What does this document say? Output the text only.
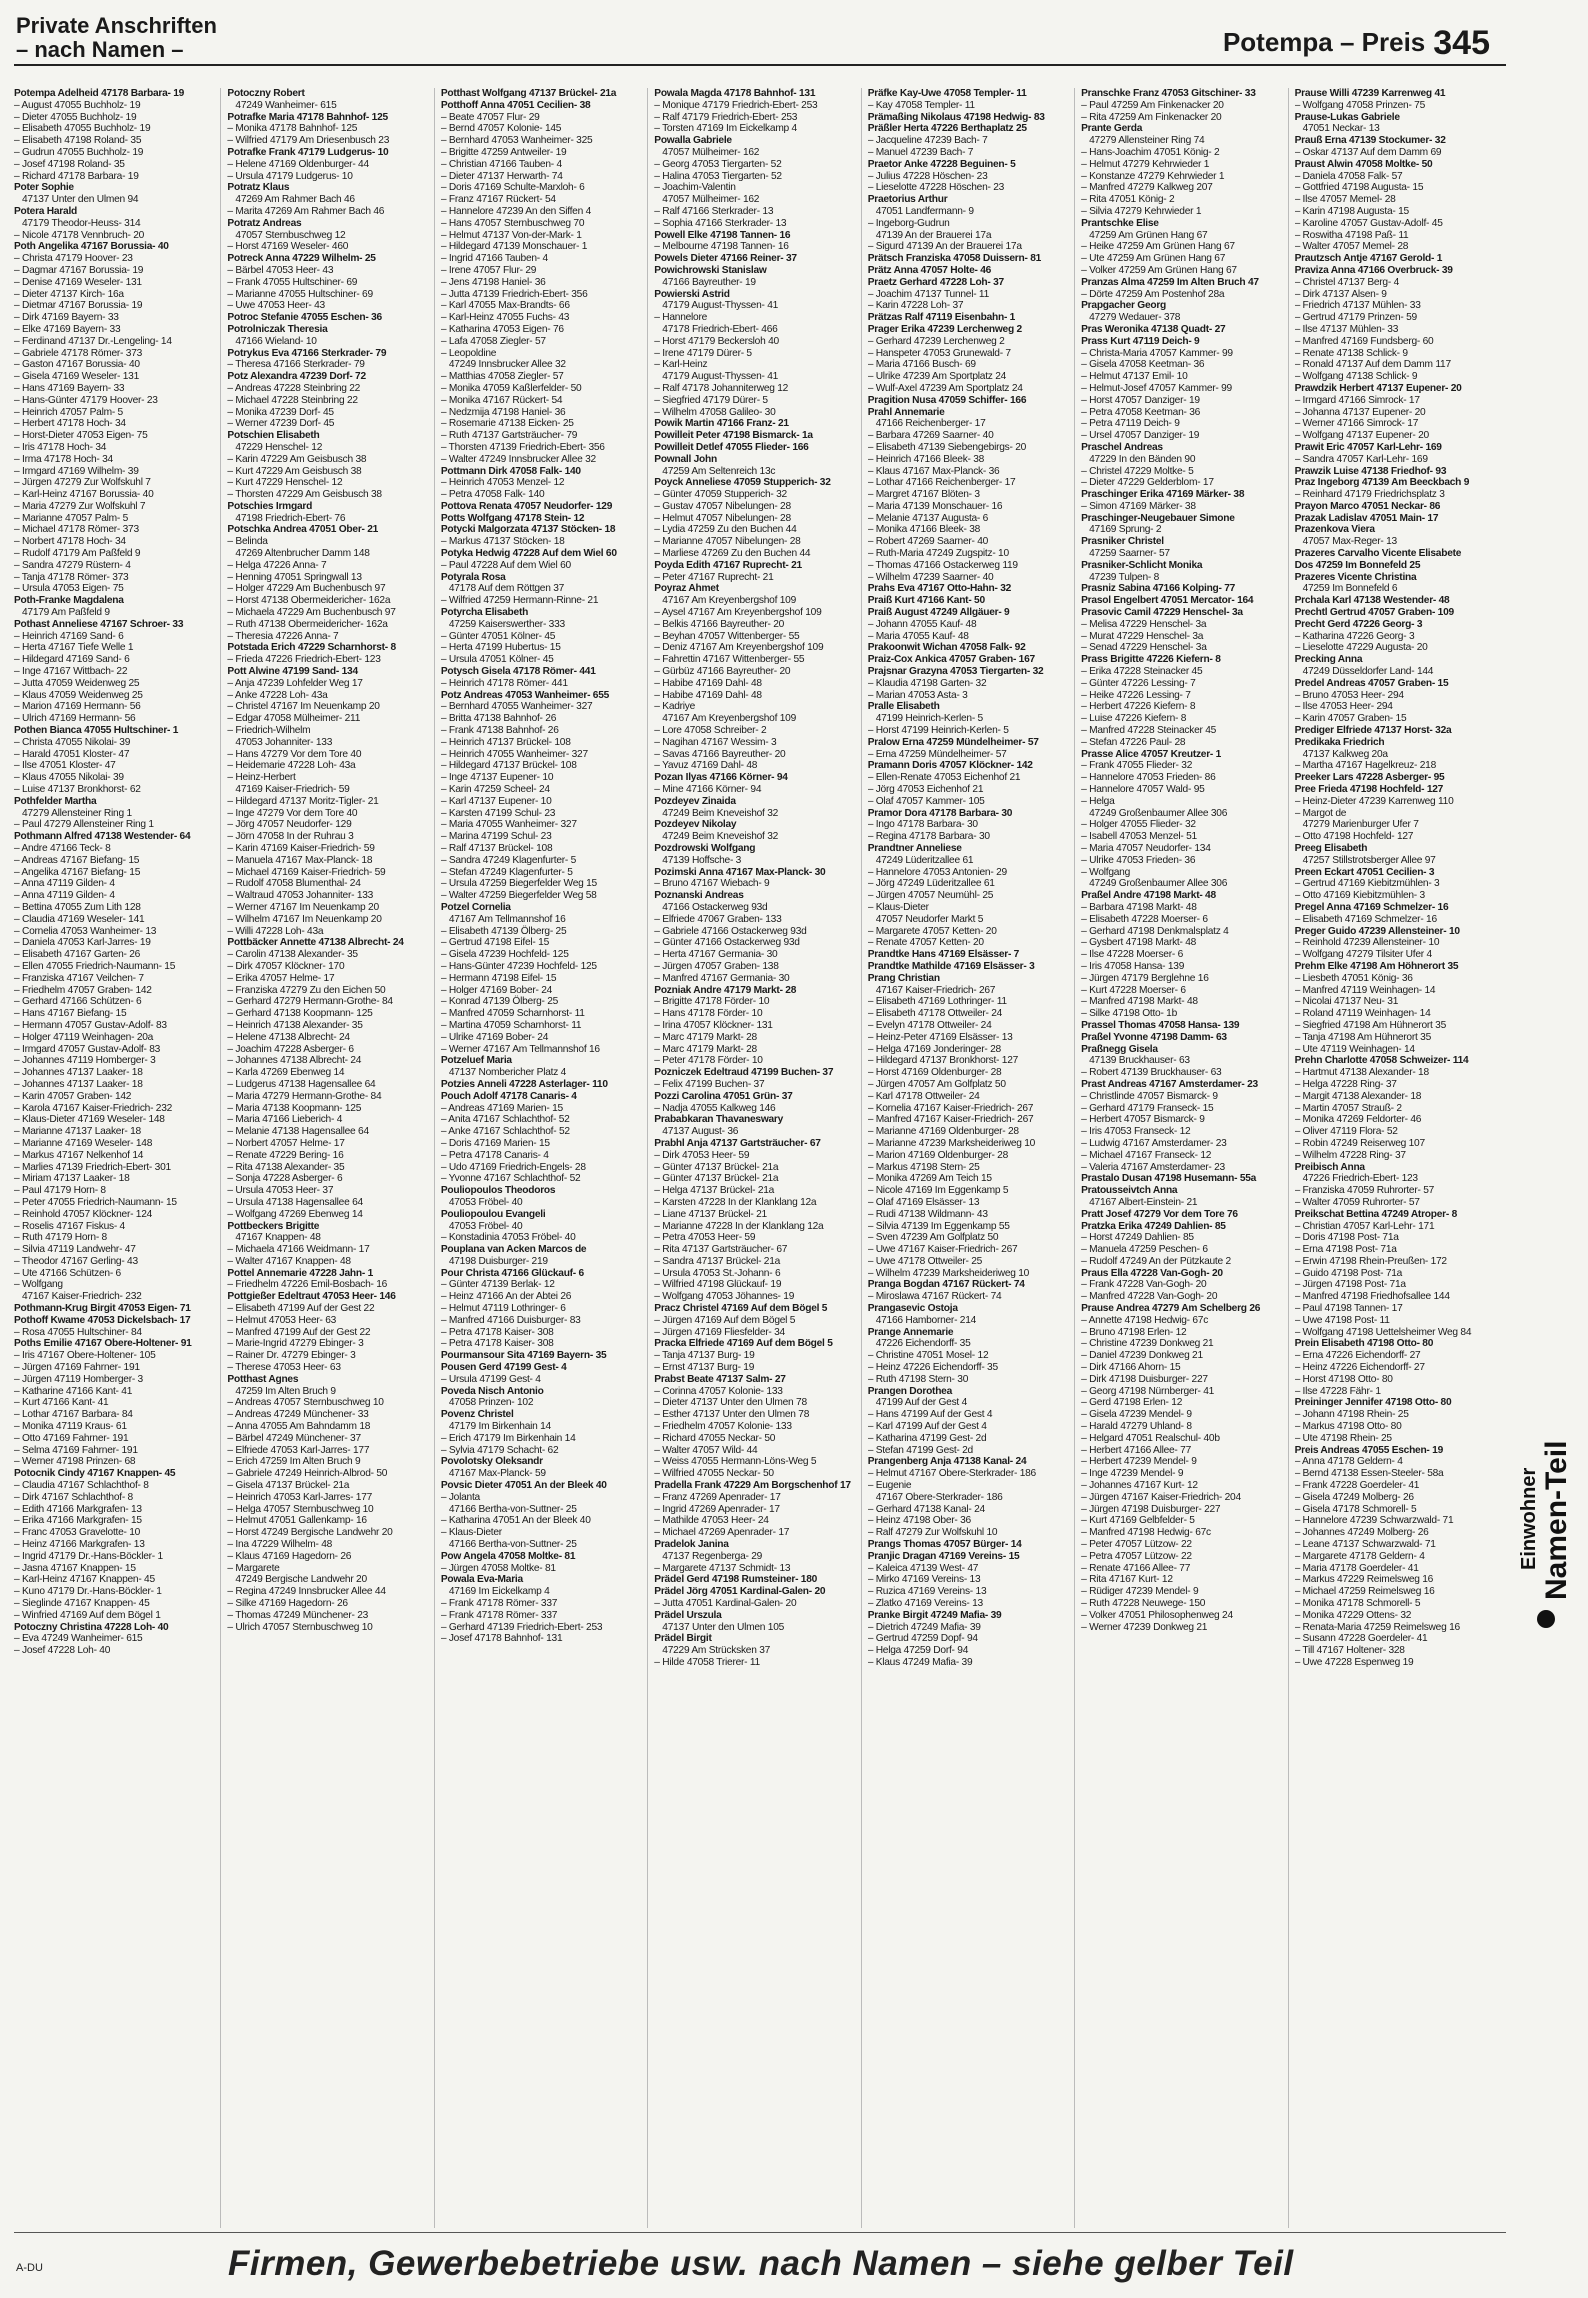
Private Anschriften
– nach Namen –	Potempa – Preis 345
Potempa Adelheid 47178 Barbara- 19
– August 47055 Buchholz- 19
– Dieter 47055 Buchholz- 19
– Elisabeth 47055 Buchholz- 19
– Elisabeth 47198 Roland- 35
– Gudrun 47055 Buchholz- 19
– Josef 47198 Roland- 35
– Richard 47178 Barbara- 19
Poter Sophie
47137 Unter den Ulmen 94
Potera Harald
47179 Theodor-Heuss- 314
– Nicole 47178 Vennbruch- 20
Poth Angelika 47167 Borussia- 40
– Christa 47179 Hoover- 23
– Dagmar 47167 Borussia- 19
– Denise 47169 Weseler- 131
– Dieter 47137 Kirch- 16a
– Dietmar 47167 Borussia- 19
– Dirk 47169 Bayern- 33
– Elke 47169 Bayern- 33
– Ferdinand 47137 Dr.-Lengeling- 14
– Gabriele 47178 Römer- 373
– Gaston 47167 Borussia- 40
– Gisela 47169 Weseler- 131
– Hans 47169 Bayern- 33
– Hans-Günter 47179 Hoover- 23
– Heinrich 47057 Palm- 5
– Herbert 47178 Hoch- 34
– Horst-Dieter 47053 Eigen- 75
– Iris 47178 Hoch- 34
– Irma 47178 Hoch- 34
– Irmgard 47169 Wilhelm- 39
– Jürgen 47279 Zur Wolfskuhl 7
– Karl-Heinz 47167 Borussia- 40
– Maria 47279 Zur Wolfskuhl 7
– Marianne 47057 Palm- 5
– Michael 47178 Römer- 373
– Norbert 47178 Hoch- 34
– Rudolf 47179 Am Paßfeld 9
– Sandra 47279 Rüstern- 4
– Tanja 47178 Römer- 373
– Ursula 47053 Eigen- 75
Poth-Franke Magdalena
47179 Am Paßfeld 9
Pothast Anneliese 47167 Schroer- 33
– Heinrich 47169 Sand- 6
– Herta 47167 Tiefe Welle 1
– Hildegard 47169 Sand- 6
– Inge 47167 Wittbach- 22
– Jutta 47059 Weidenweg 25
– Klaus 47059 Weidenweg 25
– Marion 47169 Hermann- 56
– Ulrich 47169 Hermann- 56
Pothen Bianca 47055 Hultschiner- 1
– Christa 47055 Nikolai- 39
– Harald 47051 Kloster- 47
– Ilse 47051 Kloster- 47
– Klaus 47055 Nikolai- 39
– Luise 47137 Bronkhorst- 62
Pothfelder Martha
47279 Allensteiner Ring 1
– Paul 47279 Allensteiner Ring 1
Pothmann Alfred 47138 Westender- 64
– Andre 47166 Teck- 8
– Andreas 47167 Biefang- 15
– Angelika 47167 Biefang- 15
– Anna 47119 Gilden- 4
– Anna 47119 Gilden- 4
– Bettina 47055 Zum Lith 128
– Claudia 47169 Weseler- 141
– Cornelia 47053 Wanheimer- 13
– Daniela 47053 Karl-Jarres- 19
– Elisabeth 47167 Garten- 26
– Ellen 47055 Friedrich-Naumann- 15
– Franziska 47167 Veilchen- 7
– Friedhelm 47057 Graben- 142
– Gerhard 47166 Schützen- 6
– Hans 47167 Biefang- 15
– Hermann 47057 Gustav-Adolf- 83
– Holger 47119 Weinhagen- 20a
– Irmgard 47057 Gustav-Adolf- 83
– Johannes 47119 Homberger- 3
– Johannes 47137 Laaker- 18
– Johannes 47137 Laaker- 18
– Karin 47057 Graben- 142
– Karola 47167 Kaiser-Friedrich- 232
– Klaus-Dieter 47169 Weseler- 148
– Marianne 47137 Laaker- 18
– Marianne 47169 Weseler- 148
– Markus 47167 Nelkenhof 14
– Marlies 47139 Friedrich-Ebert- 301
– Miriam 47137 Laaker- 18
– Paul 47179 Horn- 8
– Peter 47055 Friedrich-Naumann- 15
– Reinhold 47057 Klöckner- 124
– Roselis 47167 Fiskus- 4
– Ruth 47179 Horn- 8
– Silvia 47119 Landwehr- 47
– Theodor 47167 Gerling- 43
– Ute 47166 Schützen- 6
– Wolfgang
47167 Kaiser-Friedrich- 232
Pothmann-Krug Birgit 47053 Eigen- 71
Pothoff Kwame 47053 Dickelsbach- 17
– Rosa 47055 Hultschiner- 84
Poths Emilie 47167 Obere-Holtener- 91
– Iris 47167 Obere-Holtener- 105
– Jürgen 47169 Fahrner- 191
– Jürgen 47119 Homberger- 3
– Katharine 47166 Kant- 41
– Kurt 47166 Kant- 41
– Lothar 47167 Barbara- 84
– Monika 47119 Kraus- 61
– Otto 47169 Fahrner- 191
– Selma 47169 Fahrner- 191
– Werner 47198 Prinzen- 68
Potocnik Cindy 47167 Knappen- 45
– Claudia 47167 Schlachthof- 8
– Dirk 47167 Schlachthof- 8
– Edith 47166 Markgrafen- 13
– Erika 47166 Markgrafen- 15
– Franc 47053 Gravelotte- 10
– Heinz 47166 Markgrafen- 13
– Ingrid 47179 Dr.-Hans-Böckler- 1
– Jasna 47167 Knappen- 15
– Karl-Heinz 47167 Knappen- 45
– Kuno 47179 Dr.-Hans-Böckler- 1
– Sieglinde 47167 Knappen- 45
– Winfried 47169 Auf dem Bögel 1
Potoczny Christina 47228 Loh- 40
– Eva 47249 Wanheimer- 615
– Josef 47228 Loh- 40
Potoczny Robert
47249 Wanheimer- 615
Potrafke Maria 47178 Bahnhof- 125
– Monika 47178 Bahnhof- 125
– Wilfried 47179 Am Driesenbusch 23
Potrafke Frank 47179 Ludgerus- 10
– Helene 47169 Oldenburger- 44
– Ursula 47179 Ludgerus- 10
Potratz Klaus
47269 Am Rahmer Bach 46
– Marita 47269 Am Rahmer Bach 46
Potratz Andreas
47057 Sternbuschweg 12
– Horst 47169 Weseler- 460
Potreck Anna 47229 Wilhelm- 25
– Bärbel 47053 Heer- 43
– Frank 47055 Hultschiner- 69
– Marianne 47055 Hultschiner- 69
– Uwe 47053 Heer- 43
Potroc Stefanie 47055 Eschen- 36
Potrolniczak Theresia
47166 Wieland- 10
Potrykus Eva 47166 Sterkrader- 79
– Theresa 47166 Sterkrader- 79
Potz Alexandra 47239 Dorf- 72
– Andreas 47228 Steinbring 22
– Michael 47228 Steinbring 22
– Monika 47239 Dorf- 45
– Werner 47239 Dorf- 45
Potschien Elisabeth
47229 Henschel- 12
– Karin 47229 Am Geisbusch 38
– Kurt 47229 Am Geisbusch 38
– Kurt 47229 Henschel- 12
– Thorsten 47229 Am Geisbusch 38
Potschies Irmgard
47198 Friedrich-Ebert- 76
Potschka Andrea 47051 Ober- 21
– Belinda
47269 Altenbrucher Damm 148
– Helga 47226 Anna- 7
– Henning 47051 Springwall 13
– Holger 47229 Am Buchenbusch 97
– Horst 47138 Obermeidericher- 162a
– Michaela 47229 Am Buchenbusch 97
– Ruth 47138 Obermeidericher- 162a
– Theresia 47226 Anna- 7
Potstada Erich 47229 Scharnhorst- 8
– Frieda 47226 Friedrich-Ebert- 123
Pott Alwine 47199 Sand- 134
– Anja 47239 Lohfelder Weg 17
– Anke 47228 Loh- 43a
– Christel 47167 Im Neuenkamp 20
– Edgar 47058 Mülheimer- 211
– Friedrich-Wilhelm
47053 Johanniter- 133
– Hans 47279 Vor dem Tore 40
– Heidemarie 47228 Loh- 43a
– Heinz-Herbert
47169 Kaiser-Friedrich- 59
– Hildegard 47137 Moritz-Tigler- 21
– Inge 47279 Vor dem Tore 40
– Jörg 47057 Neudorfer- 129
– Jörn 47058 In der Ruhrau 3
– Karin 47169 Kaiser-Friedrich- 59
– Manuela 47167 Max-Planck- 18
– Michael 47169 Kaiser-Friedrich- 59
– Rudolf 47058 Blumenthal- 24
– Waltraud 47053 Johanniter- 133
– Werner 47167 Im Neuenkamp 20
– Wilhelm 47167 Im Neuenkamp 20
– Willi 47228 Loh- 43a
Pottbäcker Annette 47138 Albrecht- 24
– Carolin 47138 Alexander- 35
– Dirk 47057 Klöckner- 170
– Erika 47057 Helme- 17
– Franziska 47279 Zu den Eichen 50
– Gerhard 47279 Hermann-Grothe- 84
– Gerhard 47138 Koopmann- 125
– Heinrich 47138 Alexander- 35
– Helene 47138 Albrecht- 24
– Joachim 47228 Asberger- 6
– Johannes 47138 Albrecht- 24
– Karla 47269 Ebenweg 14
– Ludgerus 47138 Hagensallee 64
– Maria 47279 Hermann-Grothe- 84
– Maria 47138 Koopmann- 125
– Maria 47166 Lieberich- 4
– Melanie 47138 Hagensallee 64
– Norbert 47057 Helme- 17
– Renate 47229 Bering- 16
– Rita 47138 Alexander- 35
– Sonja 47228 Asberger- 6
– Ursula 47053 Heer- 37
– Ursula 47138 Hagensallee 64
– Wolfgang 47269 Ebenweg 14
Pottbeckers Brigitte
47167 Knappen- 48
– Michaela 47166 Weidmann- 17
– Walter 47167 Knappen- 48
Pottel Annemarie 47228 Jahn- 1
– Friedhelm 47226 Emil-Bosbach- 16
Pottgießer Edeltraut 47053 Heer- 146
– Elisabeth 47199 Auf der Gest 22
– Helmut 47053 Heer- 63
– Manfred 47199 Auf der Gest 22
– Marie-Ingrid 47279 Ebinger- 3
– Rainer Dr. 47279 Ebinger- 3
– Therese 47053 Heer- 63
Potthast Agnes
47259 Im Alten Bruch 9
– Andreas 47057 Sternbuschweg 10
– Andreas 47249 Münchener- 33
– Anna 47055 Am Bahndamm 18
– Bärbel 47249 Münchener- 37
– Elfriede 47053 Karl-Jarres- 177
– Erich 47259 Im Alten Bruch 9
– Gabriele 47249 Heinrich-Albrod- 50
– Gisela 47137 Brückel- 21a
– Heinrich 47053 Karl-Jarres- 177
– Helga 47057 Sternbuschweg 10
– Helmut 47051 Gallenkamp- 16
– Horst 47249 Bergische Landwehr 20
– Ina 47229 Wilhelm- 48
– Klaus 47169 Hagedorn- 26
– Margarete
47249 Bergische Landwehr 20
– Regina 47249 Innsbrucker Allee 44
– Silke 47169 Hagedorn- 26
– Thomas 47249 Münchener- 23
– Ulrich 47057 Sternbuschweg 10
Potthast Wolfgang 47137 Brückel- 21a
Potthoff Anna 47051 Cecilien- 38
– Beate 47057 Flur- 29
– Bernd 47057 Kolonie- 145
– Bernhard 47053 Wanheimer- 325
– Brigitte 47259 Antweiler- 19
– Christian 47166 Tauben- 4
– Dieter 47137 Herwarth- 74
– Doris 47169 Schulte-Marxloh- 6
– Franz 47167 Rückert- 54
– Hannelore 47239 An den Siffen 4
– Hans 47057 Sternbuschweg 70
– Helmut 47137 Von-der-Mark- 1
– Hildegard 47139 Monschauer- 1
– Ingrid 47166 Tauben- 4
– Irene 47057 Flur- 29
– Jens 47198 Haniel- 36
– Jutta 47139 Friedrich-Ebert- 356
– Karl 47055 Max-Brandts- 66
– Karl-Heinz 47055 Fuchs- 43
– Katharina 47053 Eigen- 76
– Lafa 47058 Ziegler- 57
– Leopoldine
47249 Innsbrucker Allee 32
– Matthias 47058 Ziegler- 57
– Monika 47059 Kaßlerfelder- 50
– Monika 47167 Rückert- 54
– Nedzmija 47198 Haniel- 36
– Rosemarie 47138 Eicken- 25
– Ruth 47137 Gartsträucher- 79
– Thorsten 47139 Friedrich-Ebert- 356
– Walter 47249 Innsbrucker Allee 32
Pottmann Dirk 47058 Falk- 140
– Heinrich 47053 Menzel- 12
– Petra 47058 Falk- 140
Pottova Renata 47057 Neudorfer- 129
Potts Wolfgang 47178 Stein- 12
Potycki Malgorzata 47137 Stöcken- 18
– Markus 47137 Stöcken- 18
Potyka Hedwig 47228 Auf dem Wiel 60
– Paul 47228 Auf dem Wiel 60
Potyrala Rosa
47178 Auf dem Röttgen 37
– Wilfried 47259 Hermann-Rinne- 21
Potyrcha Elisabeth
47259 Kaiserswerther- 333
– Günter 47051 Kölner- 45
– Herta 47199 Hubertus- 15
– Ursula 47051 Kölner- 45
Potysch Gisela 47178 Römer- 441
– Heinrich 47178 Römer- 441
Potz Andreas 47053 Wanheimer- 655
– Bernhard 47055 Wanheimer- 327
– Britta 47138 Bahnhof- 26
– Frank 47138 Bahnhof- 26
– Heinrich 47137 Brückel- 108
– Heinrich 47055 Wanheimer- 327
– Hildegard 47137 Brückel- 108
– Inge 47137 Eupener- 10
– Karin 47259 Scheel- 24
– Karl 47137 Eupener- 10
– Karsten 47199 Schul- 23
– Maria 47055 Wanheimer- 327
– Marina 47199 Schul- 23
– Ralf 47137 Brückel- 108
– Sandra 47249 Klagenfurter- 5
– Stefan 47249 Klagenfurter- 5
– Ursula 47259 Biegerfelder Weg 15
– Walter 47259 Biegerfelder Weg 58
Potzel Cornelia
47167 Am Tellmannshof 16
– Elisabeth 47139 Ölberg- 25
– Gertrud 47198 Eifel- 15
– Gisela 47239 Hochfeld- 125
– Hans-Günter 47239 Hochfeld- 125
– Hermann 47198 Eifel- 15
– Holger 47169 Bober- 24
– Konrad 47139 Ölberg- 25
– Manfred 47059 Scharnhorst- 11
– Martina 47059 Scharnhorst- 11
– Ulrike 47169 Bober- 24
– Werner 47167 Am Tellmannshof 16
Potzeluef Maria
47137 Nombericher Platz 4
Potzies Anneli 47228 Asterlager- 110
Pouch Adolf 47178 Canaris- 4
– Andreas 47169 Marien- 15
– Anita 47167 Schlachthof- 52
– Anke 47167 Schlachthof- 52
– Doris 47169 Marien- 15
– Petra 47178 Canaris- 4
– Udo 47169 Friedrich-Engels- 28
– Yvonne 47167 Schlachthof- 52
Pouliopoulos Theodoros
47053 Fröbel- 40
Pouliopoulou Evangeli
47053 Fröbel- 40
– Konstadinia 47053 Fröbel- 40
Pouplana van Acken Marcos de
47198 Duisburger- 219
Pour Christa 47166 Glückauf- 6
– Günter 47139 Berlak- 12
– Heinz 47166 An der Abtei 26
– Helmut 47119 Lothringer- 6
– Manfred 47166 Duisburger- 83
– Petra 47178 Kaiser- 308
– Petra 47178 Kaiser- 308
Pourmansour Sita 47169 Bayern- 35
Pousen Gerd 47199 Gest- 4
– Ursula 47199 Gest- 4
Poveda Nisch Antonio
47058 Prinzen- 102
Povenz Christel
47179 Im Birkenhain 14
– Erich 47179 Im Birkenhain 14
– Sylvia 47179 Schacht- 62
Povolotsky Oleksandr
47167 Max-Planck- 59
Povsic Dieter 47051 An der Bleek 40
– Jolanta
47166 Bertha-von-Suttner- 25
– Katharina 47051 An der Bleek 40
– Klaus-Dieter
47166 Bertha-von-Suttner- 25
Pow Angela 47058 Moltke- 81
– Jürgen 47058 Moltke- 81
Powala Eva-Maria
47169 Im Eickelkamp 4
– Frank 47178 Römer- 337
– Frank 47178 Römer- 337
– Gerhard 47139 Friedrich-Ebert- 253
– Josef 47178 Bahnhof- 131
Powala Magda 47178 Bahnhof- 131
– Monique 47179 Friedrich-Ebert- 253
– Ralf 47179 Friedrich-Ebert- 253
– Torsten 47169 Im Eickelkamp 4
Powalla Gabriele
47057 Mülheimer- 162
– Georg 47053 Tiergarten- 52
– Halina 47053 Tiergarten- 52
– Joachim-Valentin
47057 Mülheimer- 162
– Ralf 47166 Sterkrader- 13
– Sophia 47166 Sterkrader- 13
Powell Elke 47198 Tannen- 16
– Melbourne 47198 Tannen- 16
Powels Dieter 47166 Reiner- 37
Powichrowski Stanislaw
47166 Bayreuther- 19
Powierski Astrid
47179 August-Thyssen- 41
– Hannelore
47178 Friedrich-Ebert- 466
– Horst 47179 Beckersloh 40
– Irene 47179 Dürer- 5
– Karl-Heinz
47179 August-Thyssen- 41
– Ralf 47178 Johanniterweg 12
– Siegfried 47179 Dürer- 5
– Wilhelm 47058 Galileo- 30
Powik Martin 47166 Franz- 21
Powilleit Peter 47198 Bismarck- 1a
Powilleit Detlef 47055 Flieder- 166
Pownall John
47259 Am Seltenreich 13c
Poyck Anneliese 47059 Stupperich- 32
– Günter 47059 Stupperich- 32
– Gustav 47057 Nibelungen- 28
– Helmut 47057 Nibelungen- 28
– Lydia 47259 Zu den Buchen 44
– Marianne 47057 Nibelungen- 28
– Marliese 47269 Zu den Buchen 44
Poyda Edith 47167 Ruprecht- 21
– Peter 47167 Ruprecht- 21
Poyraz Ahmet
47167 Am Kreyenbergshof 109
– Aysel 47167 Am Kreyenbergshof 109
– Belkis 47166 Bayreuther- 20
– Beyhan 47057 Wittenberger- 55
– Deniz 47167 Am Kreyenbergshof 109
– Fahrettin 47167 Wittenberger- 55
– Gürbüz 47166 Bayreuther- 20
– Habibe 47169 Dahl- 48
– Habibe 47169 Dahl- 48
– Kadriye
47167 Am Kreyenbergshof 109
– Lore 47058 Schreiber- 2
– Nagihan 47167 Wessim- 3
– Savas 47166 Bayreuther- 20
– Yavuz 47169 Dahl- 48
Pozan Ilyas 47166 Körner- 94
– Mine 47166 Körner- 94
Pozdeyev Zinaida
47249 Beim Kneveishof 32
Pozdeyev Nikolay
47249 Beim Kneveishof 32
Pozdrowski Wolfgang
47139 Hoffsche- 3
Pozimski Anna 47167 Max-Planck- 30
– Bruno 47167 Wiebach- 9
Poznanski Andreas
47166 Ostackerweg 93d
– Elfriede 47067 Graben- 133
– Gabriele 47166 Ostackerweg 93d
– Günter 47166 Ostackerweg 93d
– Herta 47167 Germania- 30
– Jürgen 47057 Graben- 138
– Manfred 47167 Germania- 30
Pozniak Andre 47179 Markt- 28
– Brigitte 47178 Förder- 10
– Hans 47178 Förder- 10
– Irina 47057 Klöckner- 131
– Marc 47179 Markt- 28
– Marc 47179 Markt- 28
– Peter 47178 Förder- 10
Pozniczek Edeltraud 47199 Buchen- 37
– Felix 47199 Buchen- 37
Pozzi Carolina 47051 Grün- 37
– Nadja 47055 Kalkweg 146
Prababkaran Thavaneswary
47137 August- 36
Prabhl Anja 47137 Gartsträucher- 67
– Dirk 47053 Heer- 59
– Günter 47137 Brückel- 21a
– Günter 47137 Brückel- 21a
– Helga 47137 Brückel- 21a
– Karsten 47228 In der Klanklang 12a
– Liane 47137 Brückel- 21
– Marianne 47228 In der Klanklang 12a
– Petra 47053 Heer- 59
– Rita 47137 Gartsträucher- 67
– Sandra 47137 Brückel- 21a
– Ursula 47053 St.-Johann- 6
– Wilfried 47198 Glückauf- 19
– Wolfgang 47053 Jöhannes- 19
Pracz Christel 47169 Auf dem Bögel 5
– Jürgen 47169 Auf dem Bögel 5
– Jürgen 47169 Fliesfelder- 34
Pracka Elfriede 47169 Auf dem Bögel 5
– Tanja 47137 Burg- 19
– Ernst 47137 Burg- 19
Prabst Beate 47137 Salm- 27
– Corinna 47057 Kolonie- 133
– Dieter 47137 Unter den Ulmen 78
– Esther 47137 Unter den Ulmen 78
– Friedhelm 47057 Kolonie- 133
– Richard 47055 Neckar- 50
– Walter 47057 Wild- 44
– Weiss 47055 Hermann-Löns-Weg 5
– Wilfried 47055 Neckar- 50
Pradella Frank 47229 Am Borgschenhof 17
– Franz 47269 Apenrader- 17
– Ingrid 47269 Apenrader- 17
– Mathilde 47053 Heer- 24
– Michael 47269 Apenrader- 17
Pradelok Janina
47137 Regenberga- 29
– Margarete 47137 Schmidt- 13
Prädel Gerd 47198 Rumsteiner- 180
Prädel Jörg 47051 Kardinal-Galen- 20
– Jutta 47051 Kardinal-Galen- 20
Prädel Urszula
47137 Unter den Ulmen 105
Prädel Birgit
47229 Am Strücksken 37
– Hilde 47058 Trierer- 11
Präfke Kay-Uwe 47058 Templer- 11
– Kay 47058 Templer- 11
Prämaßing Nikolaus 47198 Hedwig- 83
Präßler Herta 47226 Berthaplatz 25
– Jacqueline 47239 Bach- 7
– Manuel 47239 Bach- 7
Praetor Anke 47228 Beguinen- 5
– Julius 47228 Höschen- 23
– Lieselotte 47228 Höschen- 23
Praetorius Arthur
47051 Landfermann- 9
– Ingeborg-Gudrun
47139 An der Brauerei 17a
– Sigurd 47139 An der Brauerei 17a
Prätsch Franziska 47058 Duissern- 81
Prätz Anna 47057 Holte- 46
Praetz Gerhard 47228 Loh- 37
– Joachim 47137 Tunnel- 11
– Karin 47228 Loh- 37
Prätzas Ralf 47119 Eisenbahn- 1
Prager Erika 47239 Lerchenweg 2
– Gerhard 47239 Lerchenweg 2
– Hanspeter 47053 Grunewald- 7
– Maria 47166 Busch- 69
– Ulrike 47239 Am Sportplatz 24
– Wulf-Axel 47239 Am Sportplatz 24
Pragition Nusa 47059 Schiffer- 166
Prahl Annemarie
47166 Reichenberger- 17
– Barbara 47269 Saarner- 40
– Elisabeth 47139 Siebengebirgs- 20
– Heinrich 47166 Bleek- 38
– Klaus 47167 Max-Planck- 36
– Lothar 47166 Reichenberger- 17
– Margret 47167 Blöten- 3
– Maria 47139 Monschauer- 16
– Melanie 47137 Augusta- 6
– Monika 47166 Bleek- 38
– Robert 47269 Saarner- 40
– Ruth-Maria 47249 Zugspitz- 10
– Thomas 47166 Ostackerweg 119
– Wilhelm 47239 Saarner- 40
Prahs Eva 47167 Otto-Hahn- 32
Praiß Kurt 47166 Kant- 50
Praiß August 47249 Allgäuer- 9
– Johann 47055 Kauf- 48
– Maria 47055 Kauf- 48
Prakoonwit Wichan 47058 Falk- 92
Praiz-Cox Ankica 47057 Graben- 167
Prajsnar Grazyna 47053 Tiergarten- 32
– Klaudia 47198 Garten- 32
– Marian 47053 Asta- 3
Pralle Elisabeth
47199 Heinrich-Kerlen- 5
– Horst 47199 Heinrich-Kerlen- 5
Pralow Erna 47259 Mündelheimer- 57
– Erna 47259 Mündelheimer- 57
Pramann Doris 47057 Klöckner- 142
– Ellen-Renate 47053 Eichenhof 21
– Jörg 47053 Eichenhof 21
– Olaf 47057 Kammer- 105
Pramor Dora 47178 Barbara- 30
– Ingo 47178 Barbara- 30
– Regina 47178 Barbara- 30
Prandtner Anneliese
47249 Lüderitzallee 61
– Hannelore 47053 Antonien- 29
– Jörg 47249 Lüderitzallee 61
– Jürgen 47057 Neumühl- 25
– Klaus-Dieter
47057 Neudorfer Markt 5
– Margarete 47057 Ketten- 20
– Renate 47057 Ketten- 20
Prandtke Hans 47169 Elsässer- 7
Prandtke Mathilde 47169 Elsässer- 3
Prang Christian
47167 Kaiser-Friedrich- 267
– Elisabeth 47169 Lothringer- 11
– Elisabeth 47178 Ottweiler- 24
– Evelyn 47178 Ottweiler- 24
– Heinz-Peter 47169 Elsässer- 13
– Helga 47169 Jonderinger- 28
– Hildegard 47137 Bronkhorst- 127
– Horst 47169 Oldenburger- 28
– Jürgen 47057 Am Golfplatz 50
– Karl 47178 Ottweiler- 24
– Kornelia 47167 Kaiser-Friedrich- 267
– Manfred 47167 Kaiser-Friedrich- 267
– Marianne 47169 Oldenburger- 28
– Marianne 47239 Marksheideriweg 10
– Marion 47169 Oldenburger- 28
– Markus 47198 Stern- 25
– Monika 47269 Am Teich 15
– Nicole 47169 Im Eggenkamp 5
– Olaf 47169 Elsässer- 13
– Rudi 47138 Wildmann- 43
– Silvia 47139 Im Eggenkamp 55
– Sven 47239 Am Golfplatz 50
– Uwe 47167 Kaiser-Friedrich- 267
– Uwe 47178 Ottweiler- 25
– Wilhelm 47239 Marksheideriweg 10
Pranga Bogdan 47167 Rückert- 74
– Miroslawa 47167 Rückert- 74
Prangasevic Ostoja
47166 Hamborner- 214
Prange Annemarie
47226 Eichendorff- 35
– Christine 47051 Mosel- 12
– Heinz 47226 Eichendorff- 35
– Ruth 47198 Stern- 30
Prangen Dorothea
47199 Auf der Gest 4
– Hans 47199 Auf der Gest 4
– Karl 47199 Auf der Gest 4
– Katharina 47199 Gest- 2d
– Stefan 47199 Gest- 2d
Prangenberg Anja 47138 Kanal- 24
– Helmut 47167 Obere-Sterkrader- 186
– Eugenie
47167 Obere-Sterkrader- 186
– Gerhard 47138 Kanal- 24
– Heinz 47198 Ober- 36
– Ralf 47279 Zur Wolfskuhl 10
Prangs Thomas 47057 Bürger- 14
Pranjic Dragan 47169 Vereins- 15
– Kaleica 47139 West- 47
– Mirko 47169 Vereins- 13
– Ruzica 47169 Vereins- 13
– Zlatko 47169 Vereins- 13
Pranke Birgit 47249 Mafia- 39
– Dietrich 47249 Mafia- 39
– Gertrud 47259 Dopf- 94
– Helga 47259 Dorf- 94
– Klaus 47249 Mafia- 39
Pranschke Franz 47053 Gitschiner- 33
– Paul 47259 Am Finkenacker 20
– Rita 47259 Am Finkenacker 20
Prante Gerda
47279 Allensteiner Ring 74
– Hans-Joachim 47051 König- 2
– Helmut 47279 Kehrwieder 1
– Konstanze 47279 Kehrwieder 1
– Manfred 47279 Kalkweg 207
– Rita 47051 König- 2
– Silvia 47279 Kehrwieder 1
Prantschke Elise
47259 Am Grünen Hang 67
– Heike 47259 Am Grünen Hang 67
– Ute 47259 Am Grünen Hang 67
– Volker 47259 Am Grünen Hang 67
Pranzas Alma 47259 Im Alten Bruch 47
– Dörte 47259 Am Postenhof 28a
Prapgacher Georg
47279 Wedauer- 378
Pras Weronika 47138 Quadt- 27
Prass Kurt 47119 Deich- 9
– Christa-Maria 47057 Kammer- 99
– Gisela 47058 Keetman- 36
– Helmut 47137 Emil- 10
– Helmut-Josef 47057 Kammer- 99
– Horst 47057 Danziger- 19
– Petra 47058 Keetman- 36
– Petra 47119 Deich- 9
– Ursel 47057 Danziger- 19
Praschel Andreas
47229 In den Bänden 90
– Christel 47229 Moltke- 5
– Dieter 47229 Gelderblom- 17
Praschinger Erika 47169 Märker- 38
– Simon 47169 Märker- 38
Praschinger-Neugebauer Simone
47169 Sprung- 2
Prasniker Christel
47259 Saarner- 57
Prasniker-Schlicht Monika
47239 Tulpen- 8
Prasniz Sabina 47166 Kolping- 77
Prasol Engelbert 47051 Mercator- 164
Prasovic Camil 47229 Henschel- 3a
– Melisa 47229 Henschel- 3a
– Murat 47229 Henschel- 3a
– Senad 47229 Henschel- 3a
Prass Brigitte 47226 Kiefern- 8
– Erika 47228 Steinacker 45
– Günter 47226 Lessing- 7
– Heike 47226 Lessing- 7
– Herbert 47226 Kiefern- 8
– Luise 47226 Kiefern- 8
– Manfred 47228 Steinacker 45
– Stefan 47226 Paul- 28
Prasse Alice 47057 Kreutzer- 1
– Frank 47055 Flieder- 32
– Hannelore 47053 Frieden- 86
– Hannelore 47057 Wald- 95
– Helga
47249 Großenbaumer Allee 306
– Holger 47055 Flieder- 32
– Isabell 47053 Menzel- 51
– Maria 47057 Neudorfer- 134
– Ulrike 47053 Frieden- 36
– Wolfgang
47249 Großenbaumer Allee 306
Praßel Andre 47198 Markt- 48
– Barbara 47198 Markt- 48
– Elisabeth 47228 Moerser- 6
– Gerhard 47198 Denkmalsplatz 4
– Gysbert 47198 Markt- 48
– Ilse 47228 Moerser- 6
– Iris 47058 Hansa- 139
– Jürgen 47179 Berglehne 16
– Kurt 47228 Moerser- 6
– Manfred 47198 Markt- 48
– Silke 47198 Otto- 1b
Prassel Thomas 47058 Hansa- 139
Praßel Yvonne 47198 Damm- 63
Praßnegg Gisela
47139 Bruckhauser- 63
– Robert 47139 Bruckhauser- 63
Prast Andreas 47167 Amsterdamer- 23
– Christlinde 47057 Bismarck- 9
– Gerhard 47179 Franseck- 15
– Herbert 47057 Bismarck- 9
– Iris 47053 Franseck- 12
– Ludwig 47167 Amsterdamer- 23
– Michael 47167 Franseck- 12
– Valeria 47167 Amsterdamer- 23
Prastalo Dusan 47198 Husemann- 55a
Pratousseivtch Anna
47167 Albert-Einstein- 21
Pratt Josef 47279 Vor dem Tore 76
Pratzka Erika 47249 Dahlien- 85
– Horst 47249 Dahlien- 85
– Manuela 47259 Peschen- 6
– Rudolf 47249 An der Pützkaute 2
Praus Ella 47228 Van-Gogh- 20
– Frank 47228 Van-Gogh- 20
– Manfred 47228 Van-Gogh- 20
Prause Andrea 47279 Am Schelberg 26
– Annette 47198 Hedwig- 67c
– Bruno 47198 Erlen- 12
– Christine 47239 Donkweg 21
– Daniel 47239 Donkweg 21
– Dirk 47166 Ahorn- 15
– Dirk 47198 Duisburger- 227
– Georg 47198 Nürnberger- 41
– Gerd 47198 Erlen- 12
– Gisela 47239 Mendel- 9
– Harald 47279 Uhland- 8
– Helgard 47051 Realschul- 40b
– Herbert 47166 Allee- 77
– Herbert 47239 Mendel- 9
– Inge 47239 Mendel- 9
– Johannes 47167 Kurt- 12
– Jürgen 47167 Kaiser-Friedrich- 204
– Jürgen 47198 Duisburger- 227
– Kurt 47169 Gelbfelder- 5
– Manfred 47198 Hedwig- 67c
– Peter 47057 Lützow- 22
– Petra 47057 Lützow- 22
– Renate 47166 Allee- 77
– Rita 47167 Kurt- 12
– Rüdiger 47239 Mendel- 9
– Ruth 47228 Neuwege- 150
– Volker 47051 Philosophenweg 24
– Werner 47239 Donkweg 21
Prause Willi 47239 Karrenweg 41
– Wolfgang 47058 Prinzen- 75
Prause-Lukas Gabriele
47051 Neckar- 13
Prauß Erna 47139 Stockumer- 32
– Oskar 47137 Auf dem Damm 69
Praust Alwin 47058 Moltke- 50
– Daniela 47058 Falk- 57
– Gottfried 47198 Augusta- 15
– Ilse 47057 Memel- 28
– Karin 47198 Augusta- 15
– Karoline 47057 Gustav-Adolf- 45
– Roswitha 47198 Paß- 11
– Walter 47057 Memel- 28
Prautzsch Antje 47167 Gerold- 1
Praviza Anna 47166 Overbruck- 39
– Christel 47137 Berg- 4
– Dirk 47137 Alsen- 9
– Friedrich 47137 Mühlen- 33
– Gertrud 47179 Prinzen- 59
– Ilse 47137 Mühlen- 33
– Manfred 47169 Fundsberg- 60
– Renate 47138 Schlick- 9
– Ronald 47137 Auf dem Damm 117
– Wolfgang 47138 Schlick- 9
Prawdzik Herbert 47137 Eupener- 20
– Irmgard 47166 Simrock- 17
– Johanna 47137 Eupener- 20
– Werner 47166 Simrock- 17
– Wolfgang 47137 Eupener- 20
Prawit Eric 47057 Karl-Lehr- 169
– Sandra 47057 Karl-Lehr- 169
Prawzik Luise 47138 Friedhof- 93
Praz Ingeborg 47139 Am Beeckbach 9
– Reinhard 47179 Friedrichsplatz 3
Prayon Marco 47051 Neckar- 86
Prazak Ladislav 47051 Main- 17
Prazenkova Viera
47057 Max-Reger- 13
Prazeres Carvalho Vicente Elisabete
Dos 47259 Im Bonnefeld 25
Prazeres Vicente Christina
47259 Im Bonnefeld 6
Prchala Karl 47138 Westender- 48
Prechtl Gertrud 47057 Graben- 109
Precht Gerd 47226 Georg- 3
– Katharina 47226 Georg- 3
– Lieselotte 47229 Augusta- 20
Precking Anna
47249 Düsseldorfer Land- 144
Predel Andreas 47057 Graben- 15
– Bruno 47053 Heer- 294
– Ilse 47053 Heer- 294
– Karin 47057 Graben- 15
Prediger Elfriede 47137 Horst- 32a
Predikaka Friedrich
47137 Kalkweg 20a
– Martha 47167 Hagelkreuz- 218
Preeker Lars 47228 Asberger- 95
Pree Frieda 47198 Hochfeld- 127
– Heinz-Dieter 47239 Karrenweg 110
– Margot de
47279 Marienburger Ufer 7
– Otto 47198 Hochfeld- 127
Preeg Elisabeth
47257 Stillstrotsberger Allee 97
Preen Eckart 47051 Cecilien- 3
– Gertrud 47169 Kiebitzmühlen- 3
– Otto 47169 Kiebitzmühlen- 3
Pregel Anna 47169 Schmelzer- 16
– Elisabeth 47169 Schmelzer- 16
Preger Guido 47239 Allensteiner- 10
– Reinhold 47239 Allensteiner- 10
– Wolfgang 47279 Tilsiter Ufer 4
Prehm Elke 47198 Am Höhnerort 35
– Liesbeth 47051 König- 36
– Manfred 47119 Weinhagen- 14
– Nicolai 47137 Neu- 31
– Roland 47119 Weinhagen- 14
– Siegfried 47198 Am Hühnerort 35
– Tanja 47198 Am Hühnerort 35
– Ute 47119 Weinhagen- 14
Prehn Charlotte 47058 Schweizer- 114
– Hartmut 47138 Alexander- 18
– Helga 47228 Ring- 37
– Margit 47138 Alexander- 18
– Martin 47057 Strauß- 2
– Monika 47269 Feldorter- 46
– Oliver 47119 Flora- 52
– Robin 47249 Reiserweg 107
– Wilhelm 47228 Ring- 37
Preibisch Anna
47226 Friedrich-Ebert- 123
– Franziska 47059 Ruhrorter- 57
– Walter 47059 Ruhrorter- 57
Preikschat Bettina 47249 Atroper- 8
– Christian 47057 Karl-Lehr- 171
– Doris 47198 Post- 71a
– Erna 47198 Post- 71a
– Erwin 47198 Rhein-Preußen- 172
– Guido 47198 Post- 71a
– Jürgen 47198 Post- 71a
– Manfred 47198 Friedhofsallee 144
– Paul 47198 Tannen- 17
– Uwe 47198 Post- 11
– Wolfgang 47198 Uettelsheimer Weg 84
Prein Elisabeth 47198 Otto- 80
– Erna 47226 Eichendorff- 27
– Heinz 47226 Eichendorff- 27
– Horst 47198 Otto- 80
– Ilse 47228 Fähr- 1
Preininger Jennifer 47198 Otto- 80
– Johann 47198 Rhein- 25
– Markus 47198 Otto- 80
– Ute 47198 Rhein- 25
Preis Andreas 47055 Eschen- 19
– Anna 47178 Geldern- 4
– Bernd 47138 Essen-Steeler- 58a
– Frank 47228 Goerdeler- 41
– Gisela 47249 Molberg- 26
– Gisela 47178 Schmorell- 5
– Hannelore 47239 Schwarzwald- 71
– Johannes 47249 Molberg- 26
– Leane 47137 Schwarzwald- 71
– Margarete 47178 Geldern- 4
– Maria 47178 Goerdeler- 41
– Markus 47229 Reimelsweg 16
– Michael 47259 Reimelsweg 16
– Monika 47178 Schmorell- 5
– Monika 47229 Ottens- 32
– Renata-Maria 47259 Reimelsweg 16
– Susann 47228 Goerdeler- 41
– Till 47167 Holtener- 328
– Uwe 47228 Espenweg 19
Einwohner Namen-Teil
A-DU	Firmen, Gewerbebetriebe usw. nach Namen – siehe gelber Teil
